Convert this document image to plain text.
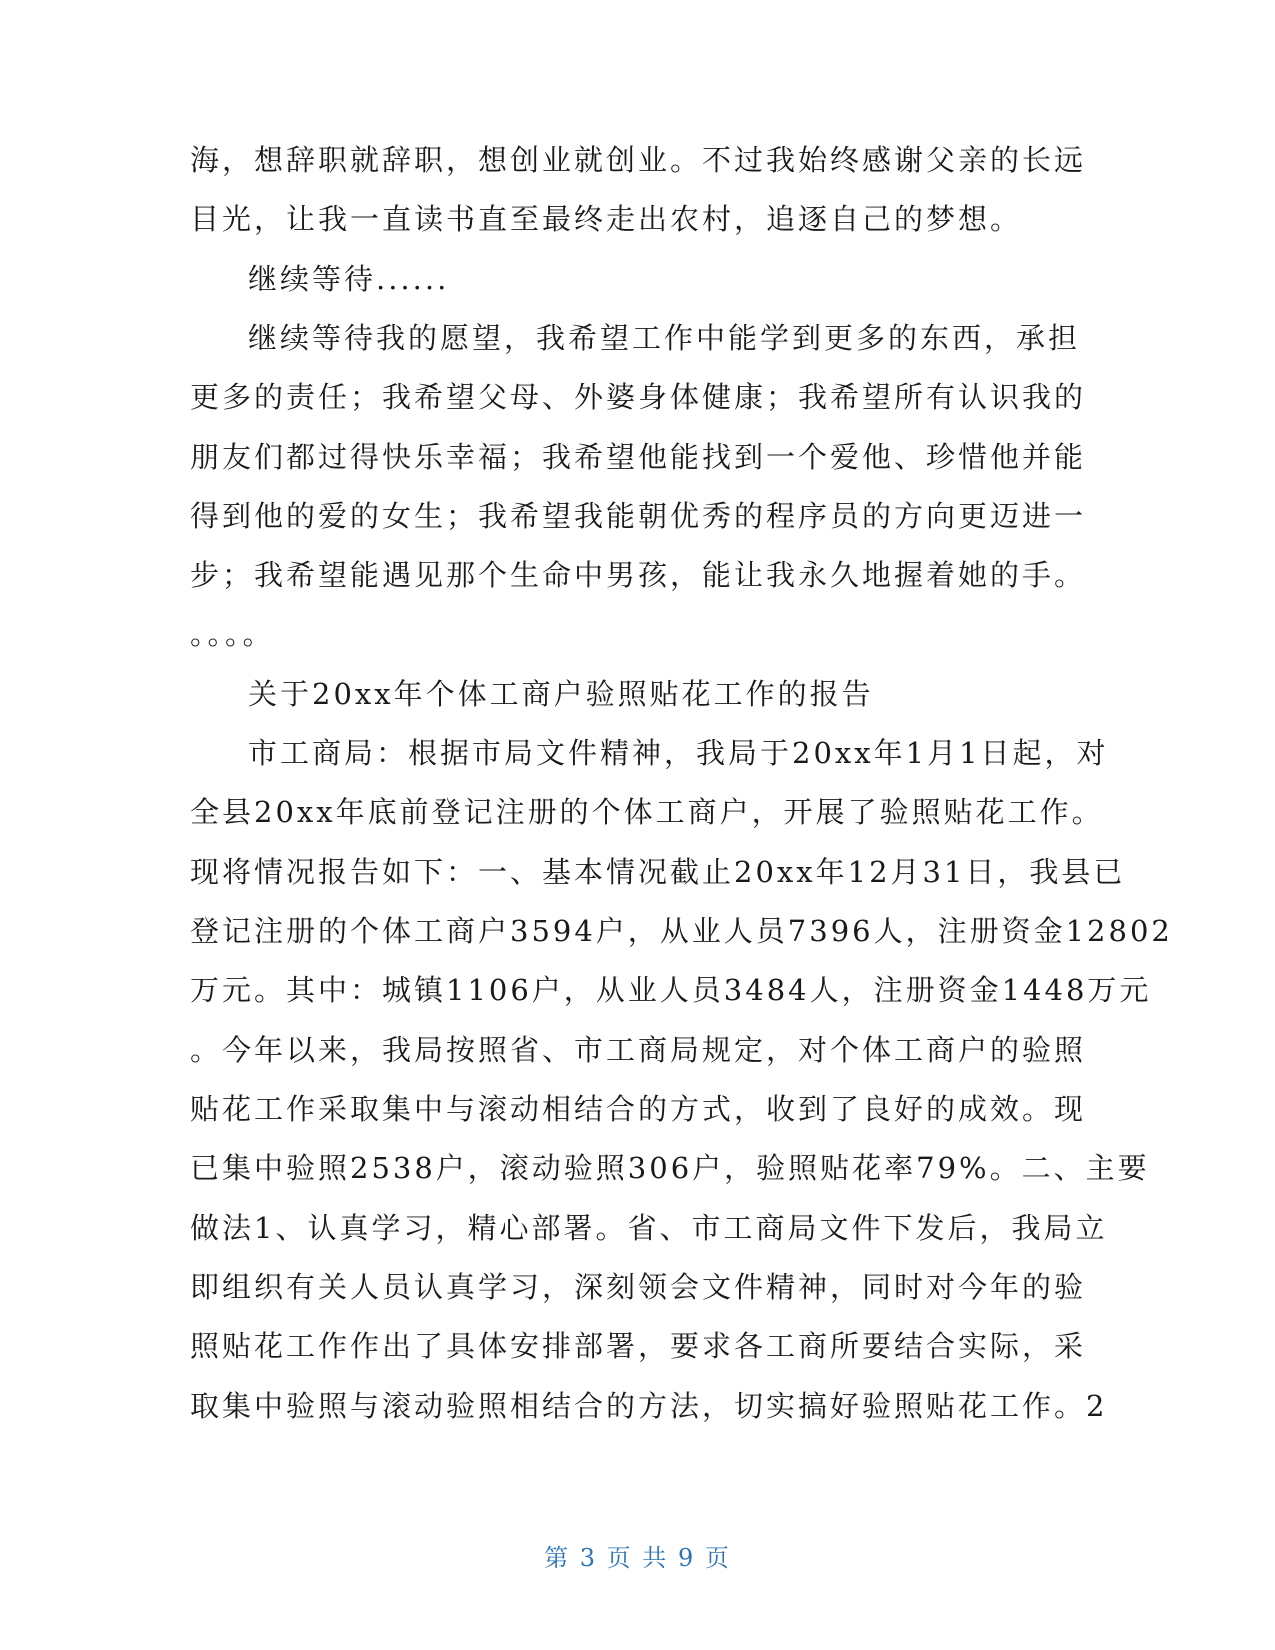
海，想辞职就辞职，想创业就创业。不过我始终感谢父亲的长远
目光，让我一直读书直至最终走出农村，追逐自己的梦想。
继续等待......
继续等待我的愿望，我希望工作中能学到更多的东西，承担
更多的责任；我希望父母、外婆身体健康；我希望所有认识我的
朋友们都过得快乐幸福；我希望他能找到一个爱他、珍惜他并能
得到他的爱的女生；我希望我能朝优秀的程序员的方向更迈进一
步；我希望能遇见那个生命中男孩，能让我永久地握着她的手。
。。。。
关于20xx年个体工商户验照贴花工作的报告
市工商局：根据市局文件精神，我局于20xx年1月1日起，对
全县20xx年底前登记注册的个体工商户，开展了验照贴花工作。
现将情况报告如下：一、基本情况截止20xx年12月31日，我县已
登记注册的个体工商户3594户，从业人员7396人，注册资金12802
万元。其中：城镇1106户，从业人员3484人，注册资金1448万元
。今年以来，我局按照省、市工商局规定，对个体工商户的验照
贴花工作采取集中与滚动相结合的方式，收到了良好的成效。现
已集中验照2538户，滚动验照306户，验照贴花率79%。二、主要
做法1、认真学习，精心部署。省、市工商局文件下发后，我局立
即组织有关人员认真学习，深刻领会文件精神，同时对今年的验
照贴花工作作出了具体安排部署，要求各工商所要结合实际，采
取集中验照与滚动验照相结合的方法，切实搞好验照贴花工作。2
第 3 页 共 9 页
